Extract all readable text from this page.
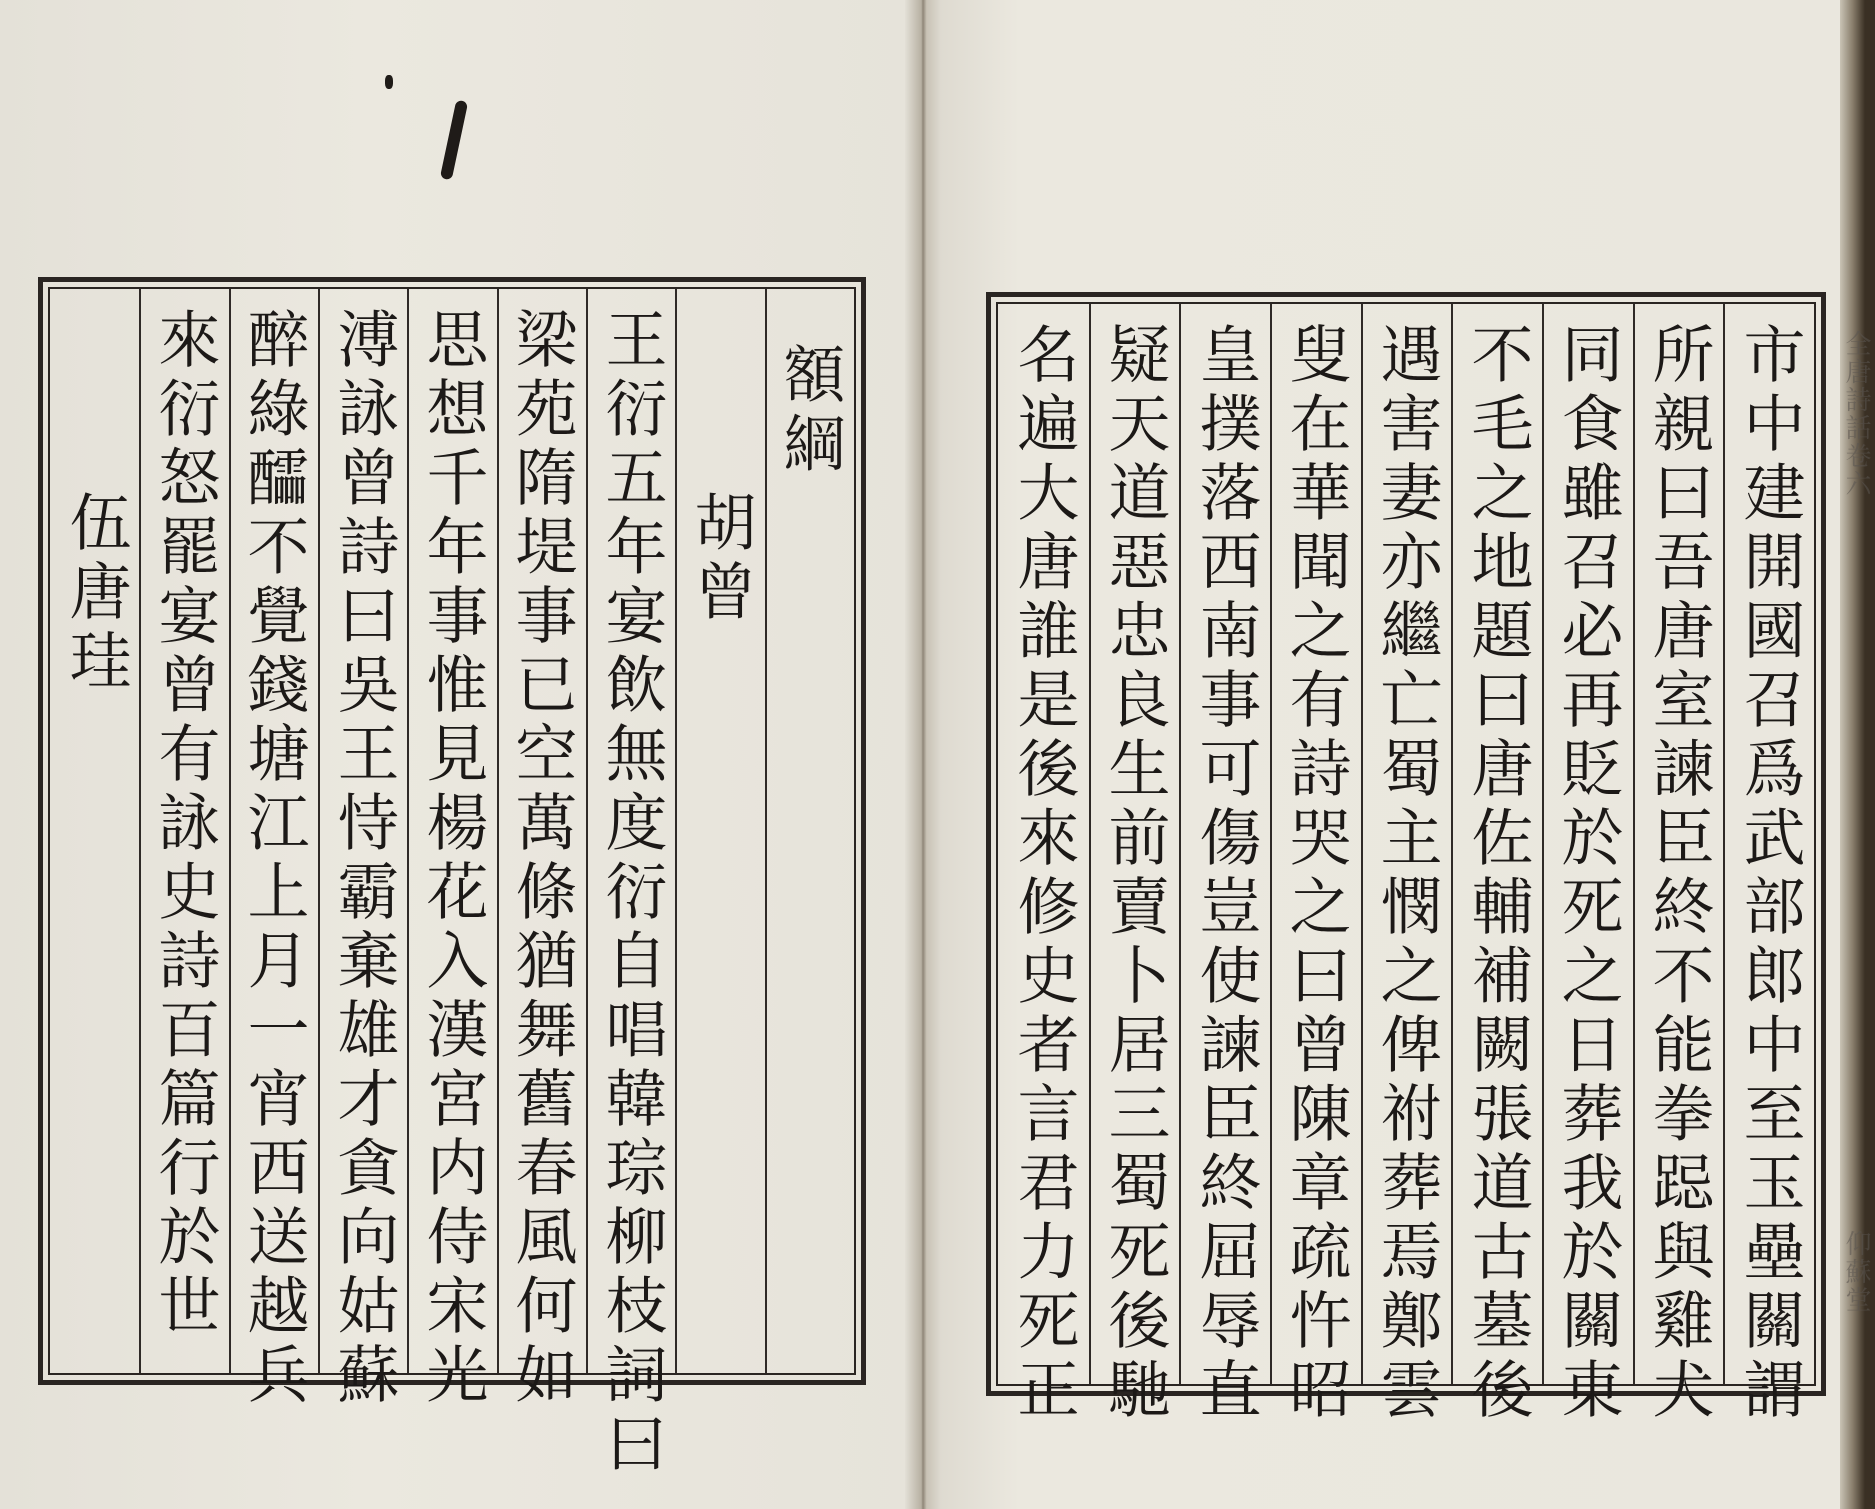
額綱
胡曾
王衍五年宴飲無度衍自唱韓琮柳枝詞曰
梁苑隋堤事已空萬條猶舞舊春風何如
思想千年事惟見楊花入漢宮内侍宋光
溥詠曾詩曰吳王恃霸棄雄才貪向姑蘇
醉綠醽不覺錢塘江上月一宵西送越兵
來衍怒罷宴曾有詠史詩百篇行於世
伍唐珪	市中建開國召爲武部郎中至玉壘關謂
所親曰吾唐室諫臣終不能拳跽與雞犬
同食雖召必再貶於死之日葬我於關東
不毛之地題曰唐佐輔補闕張道古墓後
遇害妻亦繼亡蜀主憫之俾祔葬焉鄭雲
叟在華聞之有詩哭之曰曾陳章疏忤昭
皇撲落西南事可傷豈使諫臣終屈辱直
疑天道惡忠良生前賣卜居三蜀死後馳
名遍大唐誰是後來修史者言君力死正	全唐詩話卷六
仰蘇堂
